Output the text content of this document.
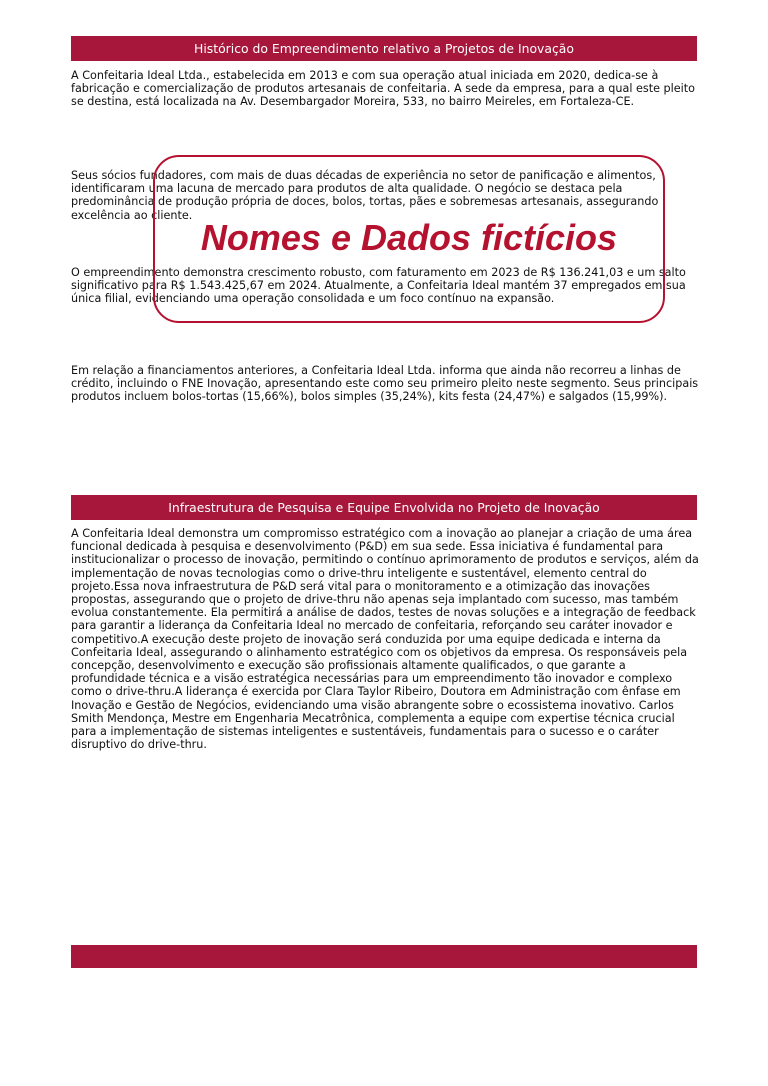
Histórico do Empreendimento relativo a Projetos de Inovação

A Confeitaria Ideal Ltda., estabelecida em 2013 e com sua operação atual iniciada em 2020, dedica-se à fabricação e comercialização de produtos artesanais de confeitaria. A sede da empresa, para a qual este pleito se destina, está localizada na Av. Desembargador Moreira, 533, no bairro Meireles, em Fortaleza-CE.

Seus sócios fundadores, com mais de duas décadas de experiência no setor de panificação e alimentos, identificaram uma lacuna de mercado para produtos de alta qualidade. O negócio se destaca pela predominância de produção própria de doces, bolos, tortas, pães e sobremesas artesanais, assegurando excelência ao cliente.

O empreendimento demonstra crescimento robusto, com faturamento em 2023 de R$ 136.241,03 e um salto significativo para R$ 1.543.425,67 em 2024. Atualmente, a Confeitaria Ideal mantém 37 empregados em sua única filial, evidenciando uma operação consolidada e um foco contínuo na expansão.

Em relação a financiamentos anteriores, a Confeitaria Ideal Ltda. informa que ainda não recorreu a linhas de crédito, incluindo o FNE Inovação, apresentando este como seu primeiro pleito neste segmento. Seus principais produtos incluem bolos-tortas (15,66%), bolos simples (35,24%), kits festa (24,47%) e salgados (15,99%).

Infraestrutura de Pesquisa e Equipe Envolvida no Projeto de Inovação

A Confeitaria Ideal demonstra um compromisso estratégico com a inovação ao planejar a criação de uma área funcional dedicada à pesquisa e desenvolvimento (P&D) em sua sede. Essa iniciativa é fundamental para institucionalizar o processo de inovação, permitindo o contínuo aprimoramento de produtos e serviços, além da implementação de novas tecnologias como o drive-thru inteligente e sustentável, elemento central do projeto.Essa nova infraestrutura de P&D será vital para o monitoramento e a otimização das inovações propostas, assegurando que o projeto de drive-thru não apenas seja implantado com sucesso, mas também evolua constantemente. Ela permitirá a análise de dados, testes de novas soluções e a integração de feedback para garantir a liderança da Confeitaria Ideal no mercado de confeitaria, reforçando seu caráter inovador e competitivo.A execução deste projeto de inovação será conduzida por uma equipe dedicada e interna da Confeitaria Ideal, assegurando o alinhamento estratégico com os objetivos da empresa. Os responsáveis pela concepção, desenvolvimento e execução são profissionais altamente qualificados, o que garante a profundidade técnica e a visão estratégica necessárias para um empreendimento tão inovador e complexo como o drive-thru.A liderança é exercida por Clara Taylor Ribeiro, Doutora em Administração com ênfase em Inovação e Gestão de Negócios, evidenciando uma visão abrangente sobre o ecossistema inovativo. Carlos Smith Mendonça, Mestre em Engenharia Mecatrônica, complementa a equipe com expertise técnica crucial para a implementação de sistemas inteligentes e sustentáveis, fundamentais para o sucesso e o caráter disruptivo do drive-thru.

Nomes e Dados fictícios
